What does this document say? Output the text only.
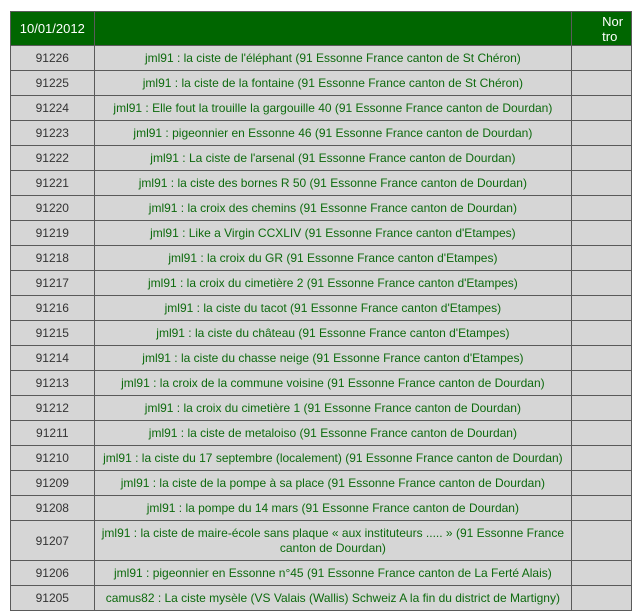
10/01/2012		Nor
tro
91226	jml91 : la ciste de l'éléphant (91 Essonne France canton de St Chéron)	
91225	jml91 : la ciste de la fontaine (91 Essonne France canton de St Chéron)	
91224	jml91 : Elle fout la trouille la gargouille 40 (91 Essonne France canton de Dourdan)	
91223	jml91 : pigeonnier en Essonne 46 (91 Essonne France canton de Dourdan)	
91222	jml91 : La ciste de l'arsenal (91 Essonne France canton de Dourdan)	
91221	jml91 : la ciste des bornes R 50 (91 Essonne France canton de Dourdan)	
91220	jml91 : la croix des chemins (91 Essonne France canton de Dourdan)	
91219	jml91 : Like a Virgin CCXLIV (91 Essonne France canton d'Etampes)	
91218	jml91 : la croix du GR (91 Essonne France canton d'Etampes)	
91217	jml91 : la croix du cimetière 2 (91 Essonne France canton d'Etampes)	
91216	jml91 : la ciste du tacot (91 Essonne France canton d'Etampes)	
91215	jml91 : la ciste du château (91 Essonne France canton d'Etampes)	
91214	jml91 : la ciste du chasse neige (91 Essonne France canton d'Etampes)	
91213	jml91 : la croix de la commune voisine (91 Essonne France canton de Dourdan)	
91212	jml91 : la croix du cimetière 1 (91 Essonne France canton de Dourdan)	
91211	jml91 : la ciste de metaloiso (91 Essonne France canton de Dourdan)	
91210	jml91 : la ciste du 17 septembre (localement) (91 Essonne France canton de Dourdan)	
91209	jml91 : la ciste de la pompe à sa place (91 Essonne France canton de Dourdan)	
91208	jml91 : la pompe du 14 mars (91 Essonne France canton de Dourdan)	
91207	jml91 : la ciste de maire-école sans plaque « aux instituteurs ..... » (91 Essonne France canton de Dourdan)	
91206	jml91 : pigeonnier en Essonne n°45 (91 Essonne France canton de La Ferté Alais)	
91205	camus82 : La ciste mysèle (VS Valais (Wallis) Schweiz A la fin du district de Martigny)	
